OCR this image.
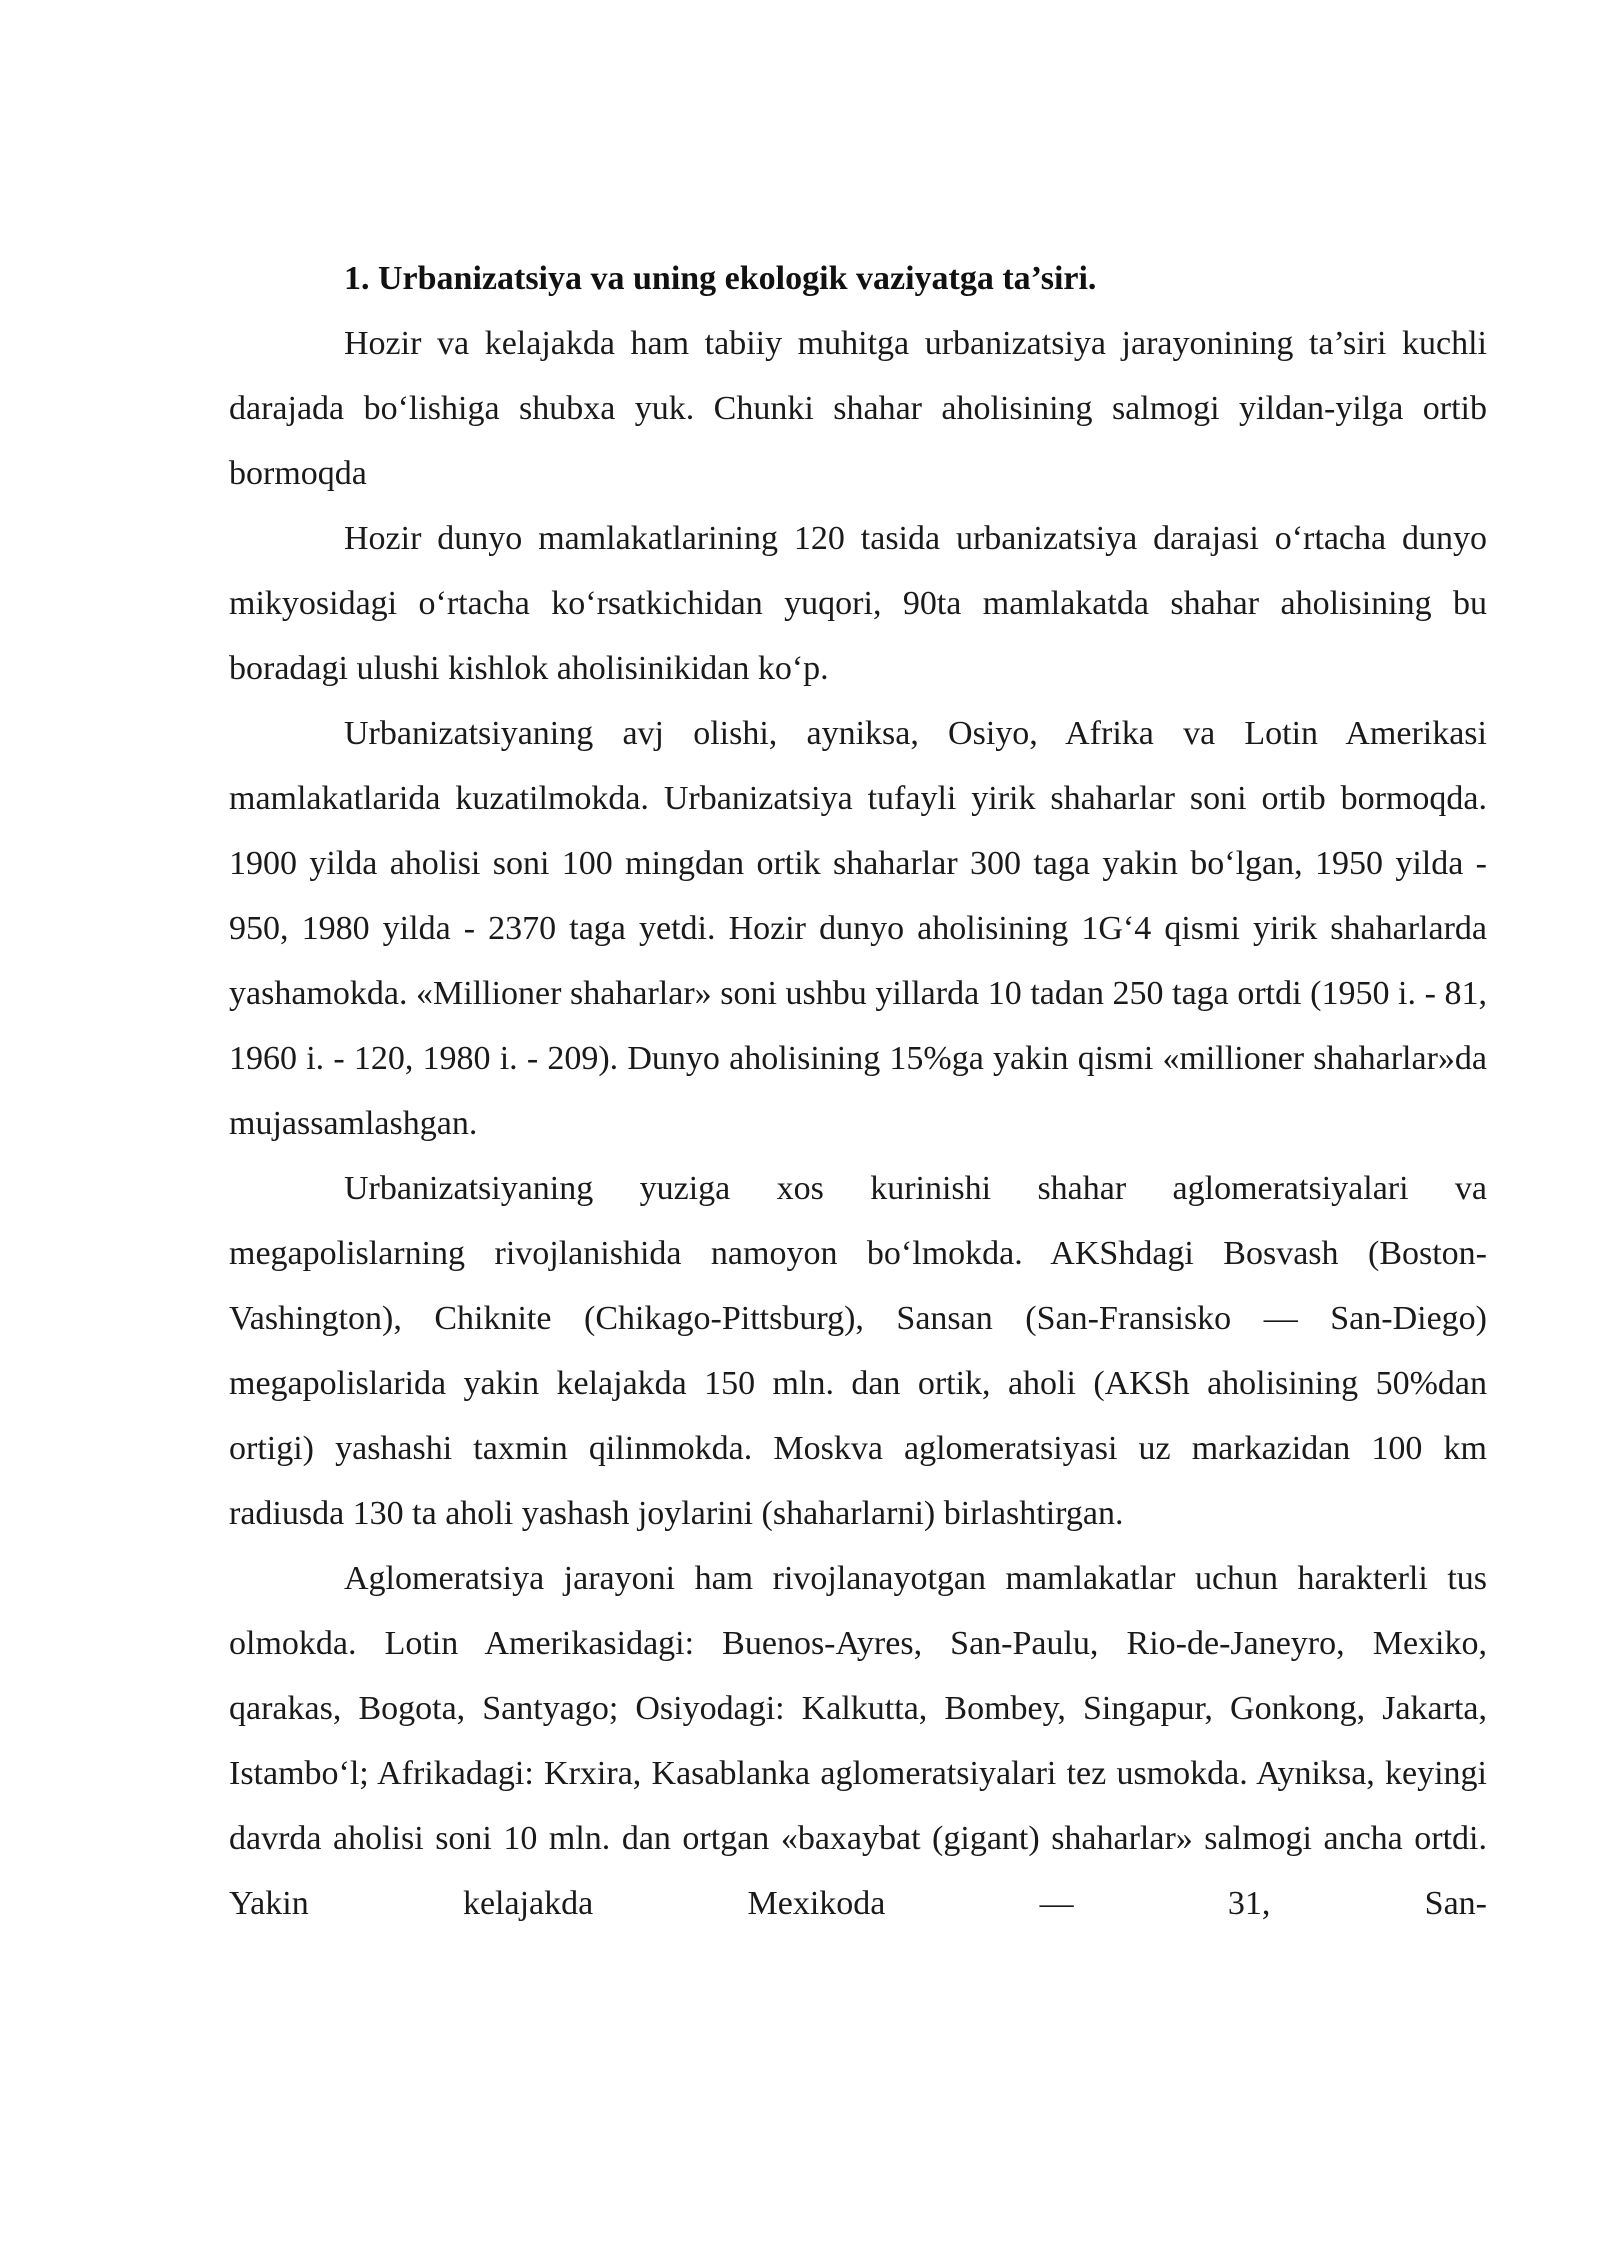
1. Urbanizatsiya va uning ekologik vaziyatga ta’siri.

Hozir va kelajakda ham tabiiy muhitga urbanizatsiya jarayonining ta’siri kuchli darajada bo‘lishiga shubxa yuk. Chunki shahar aholisining salmogi yildan-yilga ortib bormoqda

Hozir dunyo mamlakatlarining 120 tasida urbanizatsiya darajasi o‘rtacha dunyo mikyosidagi o‘rtacha ko‘rsatkichidan yuqori, 90ta mamlakatda shahar aholisining bu boradagi ulushi kishlok aholisinikidan ko‘p.

Urbanizatsiyaning avj olishi, ayniksa, Osiyo, Afrika va Lotin Amerikasi mamlakatlarida kuzatilmokda. Urbanizatsiya tufayli yirik shaharlar soni ortib bormoqda. 1900 yilda aholisi soni 100 mingdan ortik shaharlar 300 taga yakin bo‘lgan, 1950 yilda - 950, 1980 yilda - 2370 taga yetdi. Hozir dunyo aholisining 1G‘4 qismi yirik shaharlarda yashamokda. «Millioner shaharlar» soni ushbu yillarda 10 tadan 250 taga ortdi (1950 i. - 81, 1960 i. - 120, 1980 i. - 209). Dunyo aholisining 15%ga yakin qismi «millioner shaharlar»da mujassamlashgan.

Urbanizatsiyaning yuziga xos kurinishi shahar aglomeratsiyalari va megapolislarning rivojlanishida namoyon bo‘lmokda. AKShdagi Bosvash (Boston-Vashington), Chiknite (Chikago-Pittsburg), Sansan (San-Fransisko — San-Diego) megapolislarida yakin kelajakda 150 mln. dan ortik, aholi (AKSh aholisining 50%dan ortigi) yashashi taxmin qilinmokda. Moskva aglomeratsiyasi uz markazidan 100 km radiusda 130 ta aholi yashash joylarini (shaharlarni) birlashtirgan.

Aglomeratsiya jarayoni ham rivojlanayotgan mamlakatlar uchun harakterli tus olmokda. Lotin Amerikasidagi: Buenos-Ayres, San-Paulu, Rio-de-Janeyro, Mexiko, qarakas, Bogota, Santyago; Osiyodagi: Kalkutta, Bombey, Singapur, Gonkong, Jakarta, Istambo‘l; Afrikadagi: Krxira, Kasablanka aglomeratsiyalari tez usmokda. Ayniksa, keyingi davrda aholisi soni 10 mln. dan ortgan «baxaybat (gigant) shaharlar» salmogi ancha ortdi. Yakin kelajakda Mexikoda — 31, San-
